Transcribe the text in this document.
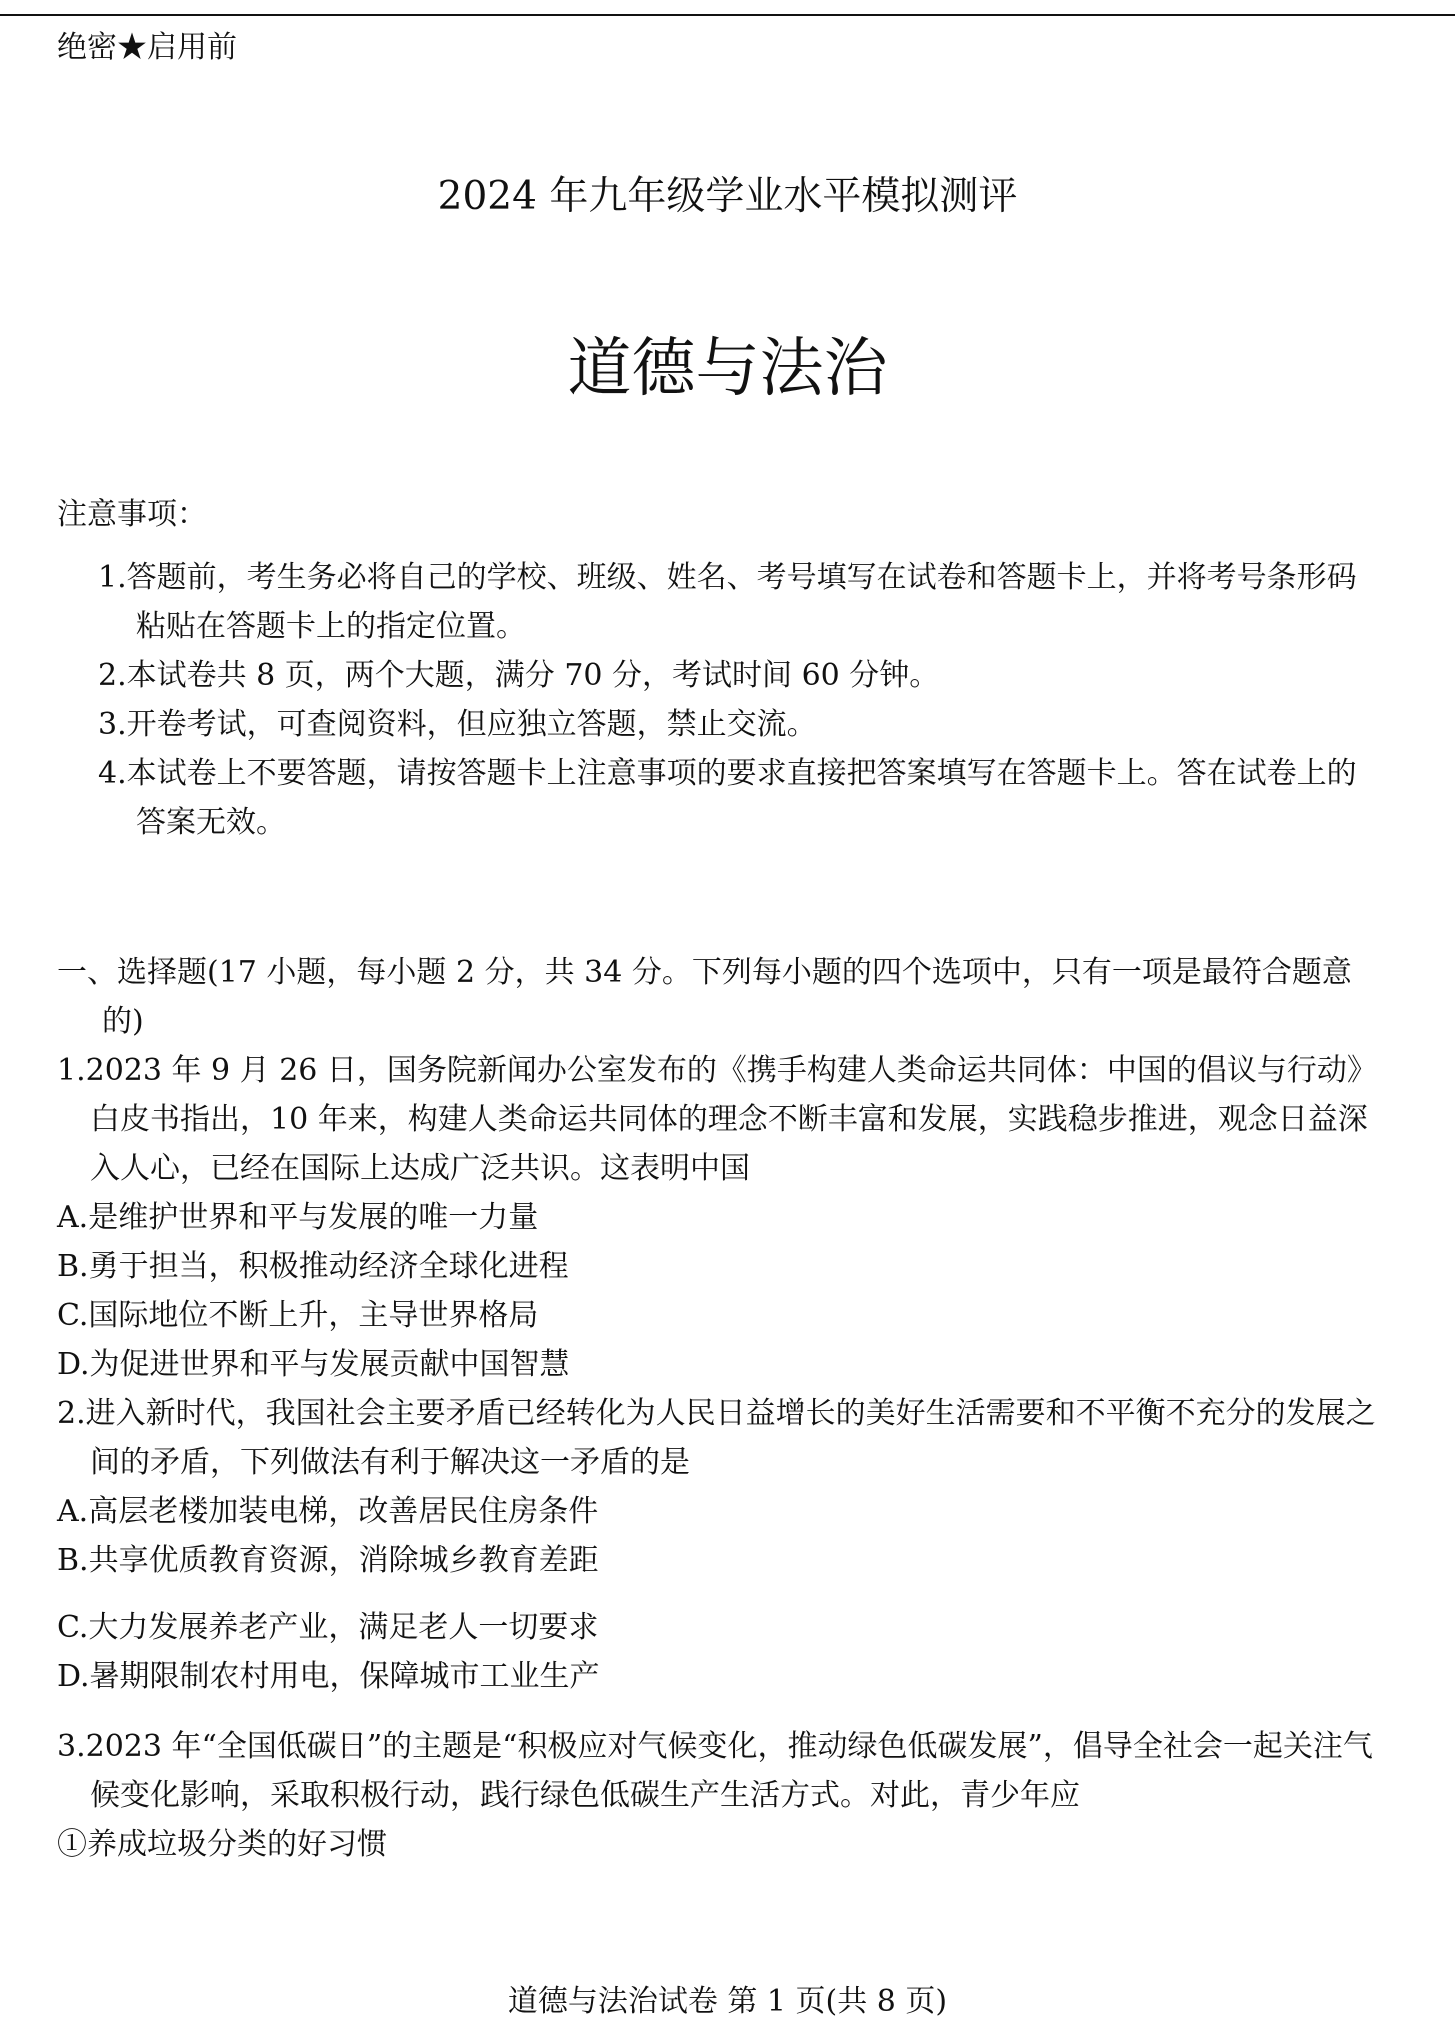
绝密★启用前
2024 年九年级学业水平模拟测评
道德与法治
注意事项：
1.答题前，考生务必将自己的学校、班级、姓名、考号填写在试卷和答题卡上，并将考号条形码粘贴在答题卡上的指定位置。
2.本试卷共 8 页，两个大题，满分 70 分，考试时间 60 分钟。
3.开卷考试，可查阅资料，但应独立答题，禁止交流。
4.本试卷上不要答题，请按答题卡上注意事项的要求直接把答案填写在答题卡上。答在试卷上的答案无效。
一、选择题(17 小题，每小题 2 分，共 34 分。下列每小题的四个选项中，只有一项是最符合题意的)
1.2023 年 9 月 26 日，国务院新闻办公室发布的《携手构建人类命运共同体：中国的倡议与行动》白皮书指出，10 年来，构建人类命运共同体的理念不断丰富和发展，实践稳步推进，观念日益深入人心，已经在国际上达成广泛共识。这表明中国
A.是维护世界和平与发展的唯一力量
B.勇于担当，积极推动经济全球化进程
C.国际地位不断上升，主导世界格局
D.为促进世界和平与发展贡献中国智慧
2.进入新时代，我国社会主要矛盾已经转化为人民日益增长的美好生活需要和不平衡不充分的发展之间的矛盾，下列做法有利于解决这一矛盾的是
A.高层老楼加装电梯，改善居民住房条件
B.共享优质教育资源，消除城乡教育差距
C.大力发展养老产业，满足老人一切要求
D.暑期限制农村用电，保障城市工业生产
3.2023 年“全国低碳日”的主题是“积极应对气候变化，推动绿色低碳发展”，倡导全社会一起关注气候变化影响，采取积极行动，践行绿色低碳生产生活方式。对此，青少年应
①养成垃圾分类的好习惯
道德与法治试卷 第 1 页(共 8 页)
